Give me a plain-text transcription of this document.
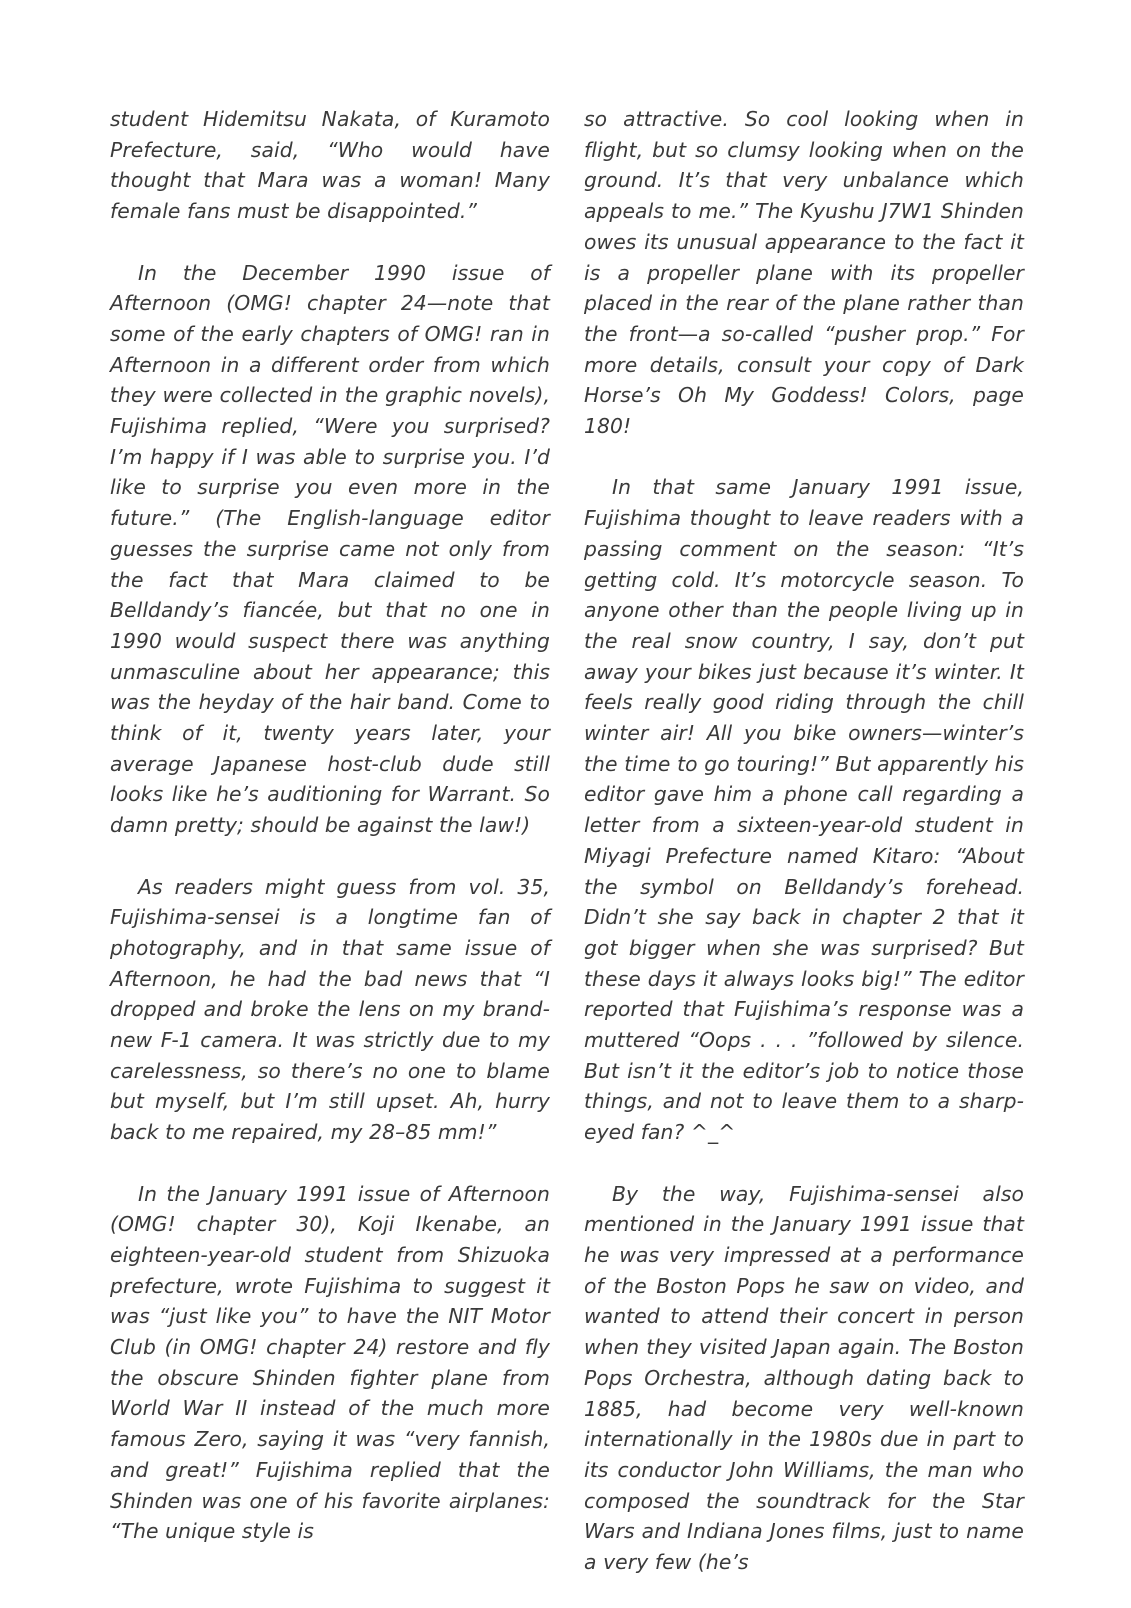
student Hidemitsu Nakata, of Kuramoto Prefecture, said, “Who would have thought that Mara was a woman! Many female fans must be disappointed.”

In the December 1990 issue of Afternoon (OMG! chapter 24—note that some of the early chapters of OMG! ran in Afternoon in a different order from which they were collected in the graphic novels), Fujishima replied, “Were you surprised? I’m happy if I was able to surprise you. I’d like to surprise you even more in the future.” (The English-language editor guesses the surprise came not only from the fact that Mara claimed to be Belldandy’s fiancée, but that no one in 1990 would suspect there was anything unmasculine about her appearance; this was the heyday of the hair band. Come to think of it, twenty years later, your average Japanese host-club dude still looks like he’s auditioning for Warrant. So damn pretty; should be against the law!)

As readers might guess from vol. 35, Fujishima-sensei is a longtime fan of photography, and in that same issue of Afternoon, he had the bad news that “I dropped and broke the lens on my brand-new F-1 camera. It was strictly due to my carelessness, so there’s no one to blame but myself, but I’m still upset. Ah, hurry back to me repaired, my 28–85 mm!”

In the January 1991 issue of Afternoon (OMG! chapter 30), Koji Ikenabe, an eighteen-year-old student from Shizuoka prefecture, wrote Fujishima to suggest it was “just like you” to have the NIT Motor Club (in OMG! chapter 24) restore and fly the obscure Shinden fighter plane from World War II instead of the much more famous Zero, saying it was “very fannish, and great!” Fujishima replied that the Shinden was one of his favorite airplanes: “The unique style is

so attractive. So cool looking when in flight, but so clumsy looking when on the ground. It’s that very unbalance which appeals to me.” The Kyushu J7W1 Shinden owes its unusual appearance to the fact it is a propeller plane with its propeller placed in the rear of the plane rather than the front—a so-called “pusher prop.” For more details, consult your copy of Dark Horse’s Oh My Goddess! Colors, page 180!

In that same January 1991 issue, Fujishima thought to leave readers with a passing comment on the season: “It’s getting cold. It’s motorcycle season. To anyone other than the people living up in the real snow country, I say, don’t put away your bikes just because it’s winter. It feels really good riding through the chill winter air! All you bike owners—winter’s the time to go touring!” But apparently his editor gave him a phone call regarding a letter from a sixteen-year-old student in Miyagi Prefecture named Kitaro: “About the symbol on Belldandy’s forehead. Didn’t she say back in chapter 2 that it got bigger when she was surprised? But these days it always looks big!” The editor reported that Fujishima’s response was a muttered “Oops . . . ”followed by silence. But isn’t it the editor’s job to notice those things, and not to leave them to a sharp-eyed fan? ^_^

By the way, Fujishima-sensei also mentioned in the January 1991 issue that he was very impressed at a performance of the Boston Pops he saw on video, and wanted to attend their concert in person when they visited Japan again. The Boston Pops Orchestra, although dating back to 1885, had become very well-known internationally in the 1980s due in part to its conductor John Williams, the man who composed the soundtrack for the Star Wars and Indiana Jones films, just to name a very few (he’s
